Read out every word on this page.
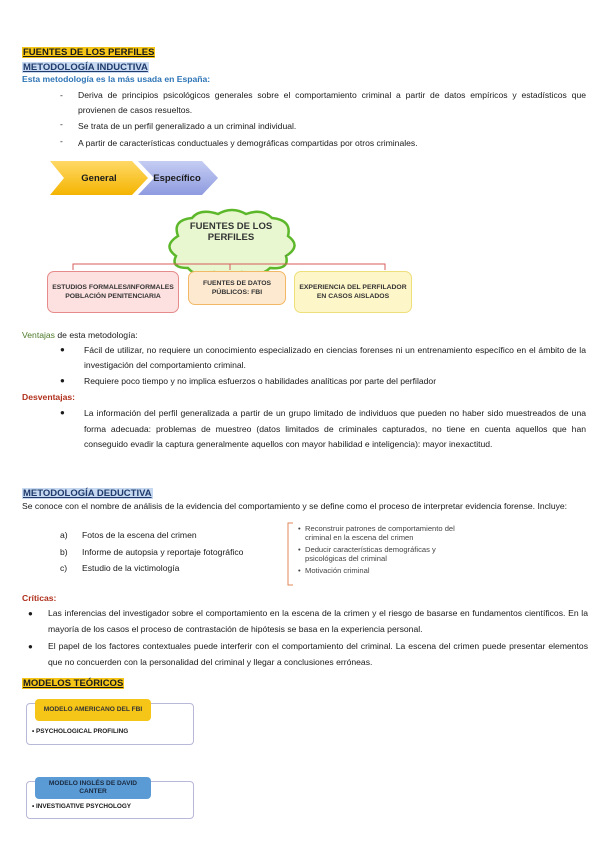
FUENTES DE LOS PERFILES
METODOLOGÍA INDUCTIVA
Esta metodología es la más usada en España:
-	Deriva de principios psicológicos generales sobre el comportamiento criminal a partir de datos empíricos y estadísticos que provienen de casos resueltos.
-	Se trata de un perfil generalizado a un criminal individual.
-	A partir de características conductuales y demográficas compartidas por otros criminales.
General	Específico
-
FUENTES DE LOS PERFILES
ESTUDIOS FORMALES/INFORMALES POBLACIÓN PENITENCIARIA
FUENTES DE DATOS PÚBLICOS: FBI
EXPERIENCIA DEL PERFILADOR EN CASOS AISLADOS
Ventajas de esta metodología:
●	Fácil de utilizar, no requiere un conocimiento especializado en ciencias forenses ni un entrenamiento específico en el ámbito de la investigación del comportamiento criminal.
●	Requiere poco tiempo y no implica esfuerzos o habilidades analíticas por parte del perfilador
Desventajas:
●	La información del perfil generalizada a partir de un grupo limitado de individuos que pueden no haber sido muestreados de una forma adecuada: problemas de muestreo (datos limitados de criminales capturados, no tiene en cuenta aquellos que han conseguido evadir la captura generalmente aquellos con mayor habilidad e inteligencia): mayor inexactitud.
METODOLOGÍA DEDUCTIVA
Se conoce con el nombre de análisis de la evidencia del comportamiento y se define como el proceso de interpretar evidencia forense. Incluye:
a)	Fotos de la escena del crimen
b)	Informe de autopsia y reportaje fotográfico
c)	Estudio de la victimología
• Reconstruir patrones de comportamiento del criminal en la escena del crimen
• Deducir características demográficas y psicológicas del criminal
• Motivación criminal
Críticas:
●	Las inferencias del investigador sobre el comportamiento en la escena de la crimen y el riesgo de basarse en fundamentos científicos. En la mayoría de los casos el proceso de contrastación de hipótesis se basa en la experiencia personal.
●	El papel de los factores contextuales puede interferir con el comportamiento del criminal. La escena del crimen puede presentar elementos que no concuerden con la personalidad del criminal y llegar a conclusiones erróneas.
MODELOS TEÓRICOS
MODELO AMERICANO DEL FBI
• PSYCHOLOGICAL PROFILING
MODELO INGLÉS DE DAVID CANTER
• INVESTIGATIVE PSYCHOLOGY
